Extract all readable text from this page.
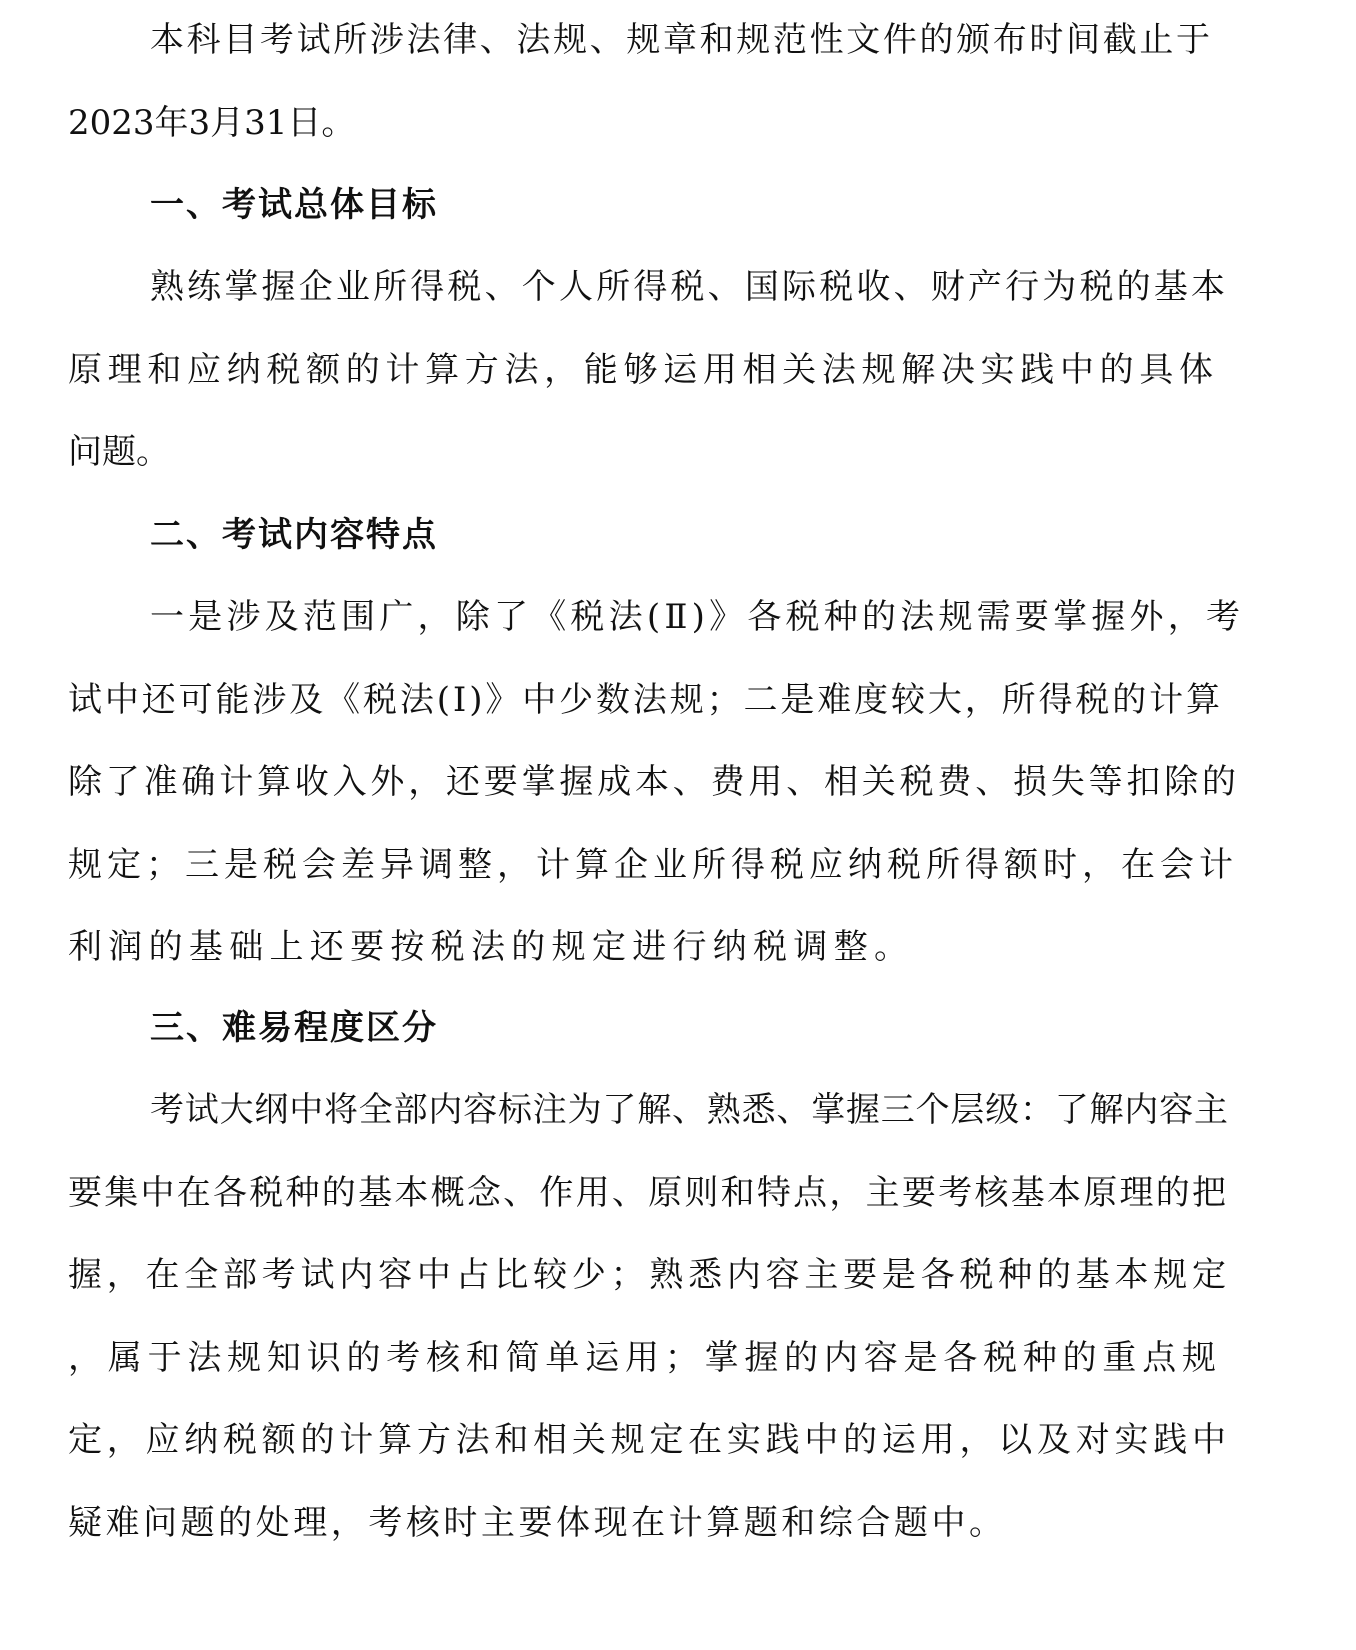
本科目考试所涉法律、法规、规章和规范性文件的颁布时间截止于
2023年3月31日。
一、考试总体目标
熟练掌握企业所得税、个人所得税、国际税收、财产行为税的基本
原理和应纳税额的计算方法，能够运用相关法规解决实践中的具体
问题。
二、考试内容特点
一是涉及范围广，除了《税法(Ⅱ)》各税种的法规需要掌握外，考
试中还可能涉及《税法(Ⅰ)》中少数法规；二是难度较大，所得税的计算
除了准确计算收入外，还要掌握成本、费用、相关税费、损失等扣除的
规定；三是税会差异调整，计算企业所得税应纳税所得额时，在会计
利润的基础上还要按税法的规定进行纳税调整。
三、难易程度区分
考试大纲中将全部内容标注为了解、熟悉、掌握三个层级：了解内容主
要集中在各税种的基本概念、作用、原则和特点，主要考核基本原理的把
握，在全部考试内容中占比较少；熟悉内容主要是各税种的基本规定
，属于法规知识的考核和简单运用；掌握的内容是各税种的重点规
定，应纳税额的计算方法和相关规定在实践中的运用，以及对实践中
疑难问题的处理，考核时主要体现在计算题和综合题中。
